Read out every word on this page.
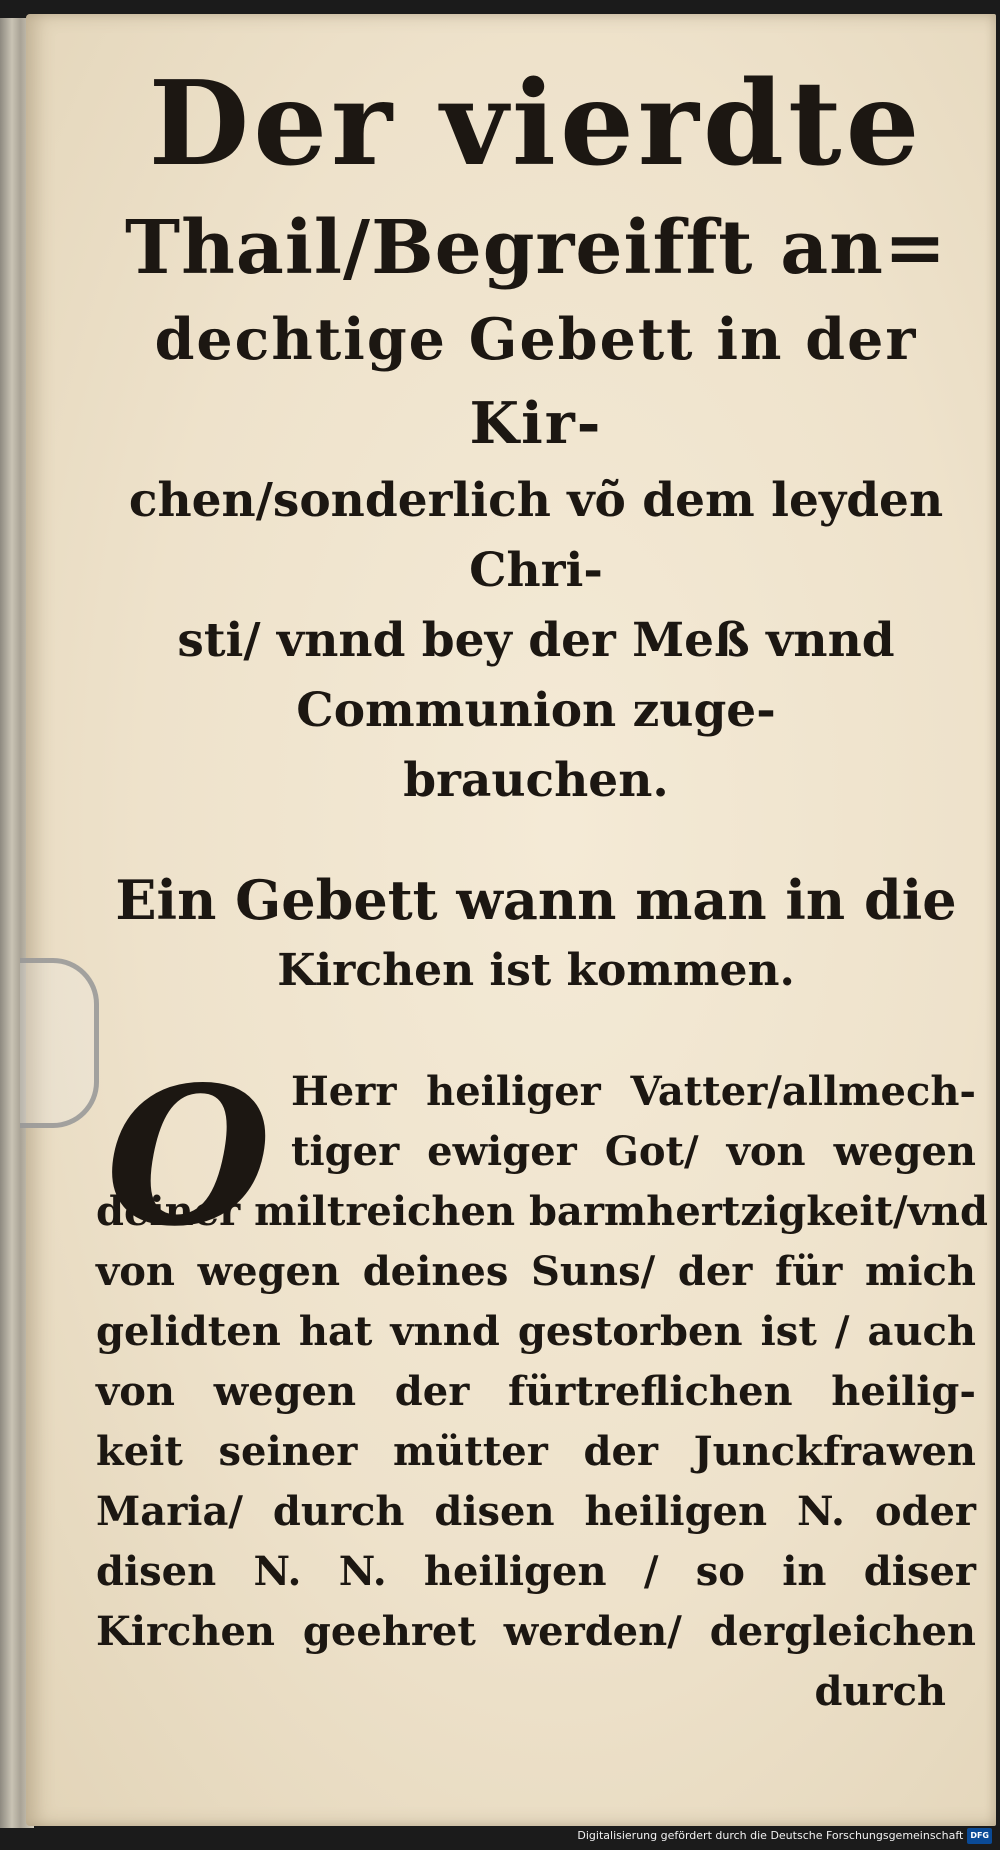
Der vierdte

Thail/Begreifft an=

dechtige Gebett in der Kir-

chen/sonderlich võ dem leyden Chri-

sti/ vnnd bey der Meß vnnd

Communion zuge-

brauchen.

Ein Gebett wann man in die

Kirchen ist kommen.

O Herr heiliger Vatter/allmech-

tiger ewiger Got/ von wegen

deiner miltreichen barmhertzigkeit/vnd

von wegen deines Suns/ der für mich

gelidten hat vnnd gestorben ist / auch

von wegen der fürtreflichen heilig-

keit seiner mütter der Junckfrawen

Maria/ durch disen heiligen N. oder

disen N. N. heiligen / so in diser

Kirchen geehret werden/ dergleichen

durch

Digitalisierung gefördert durch die Deutsche Forschungsgemeinschaft DFG
